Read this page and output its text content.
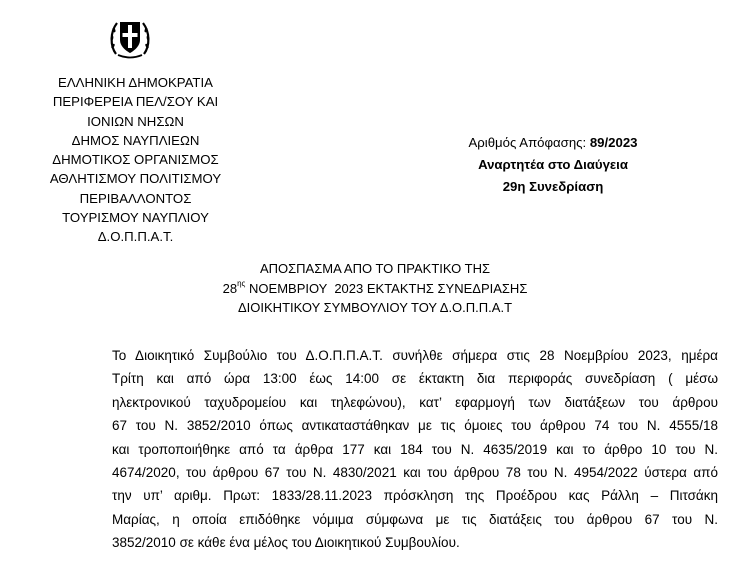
ΕΛΛΗΝΙΚΗ ΔΗΜΟΚΡΑΤΙΑ
ΠΕΡΙΦΕΡΕΙΑ ΠΕΛ/ΣΟΥ ΚΑΙ
ΙΟΝΙΩΝ ΝΗΣΩΝ
ΔΗΜΟΣ ΝΑΥΠΛΙΕΩΝ
ΔΗΜΟΤΙΚΟΣ ΟΡΓΑΝΙΣΜΟΣ
ΑΘΛΗΤΙΣΜΟΥ ΠΟΛΙΤΙΣΜΟΥ
ΠΕΡΙΒΑΛΛΟΝΤΟΣ
ΤΟΥΡΙΣΜΟΥ ΝΑΥΠΛΙΟΥ
Δ.Ο.Π.Π.Α.Τ.
Αριθμός Απόφασης: 89/2023
Αναρτητέα στο Διαύγεια
29η Συνεδρίαση
ΑΠΟΣΠΑΣΜΑ ΑΠΟ ΤΟ ΠΡΑΚΤΙΚΟ ΤΗΣ
$28^{\eta\varsigma}$ ΝΟΕΜΒΡΙΟΥ  2023 ΕΚΤΑΚΤΗΣ ΣΥΝΕΔΡΙΑΣΗΣ
ΔΙΟΙΚΗΤΙΚΟΥ ΣΥΜΒΟΥΛΙΟΥ ΤΟΥ Δ.Ο.Π.Π.Α.Τ
Το Διοικητικό Συμβούλιο του Δ.Ο.Π.Π.Α.Τ. συνήλθε σήμερα στις 28 Νοεμβρίου 2023, ημέρα
Τρίτη και από ώρα 13:00 έως 14:00 σε έκτακτη δια περιφοράς συνεδρίαση ( μέσω
ηλεκτρονικού ταχυδρομείου και τηλεφώνου), κατ’ εφαρμογή των διατάξεων του άρθρου
67 του Ν. 3852/2010 όπως αντικαταστάθηκαν με τις όμοιες του άρθρου 74 του Ν. 4555/18
και τροποποιήθηκε από τα άρθρα 177 και 184 του Ν. 4635/2019 και το άρθρο 10 του Ν.
4674/2020, του άρθρου 67 του Ν. 4830/2021 και του άρθρου 78 του Ν. 4954/2022 ύστερα από
την υπ’ αριθμ. Πρωτ: 1833/28.11.2023 πρόσκληση της Προέδρου κας Ράλλη – Πιτσάκη
Μαρίας, η οποία επιδόθηκε νόμιμα σύμφωνα με τις διατάξεις του άρθρου 67 του Ν.
3852/2010 σε κάθε ένα μέλος του Διοικητικού Συμβουλίου.
